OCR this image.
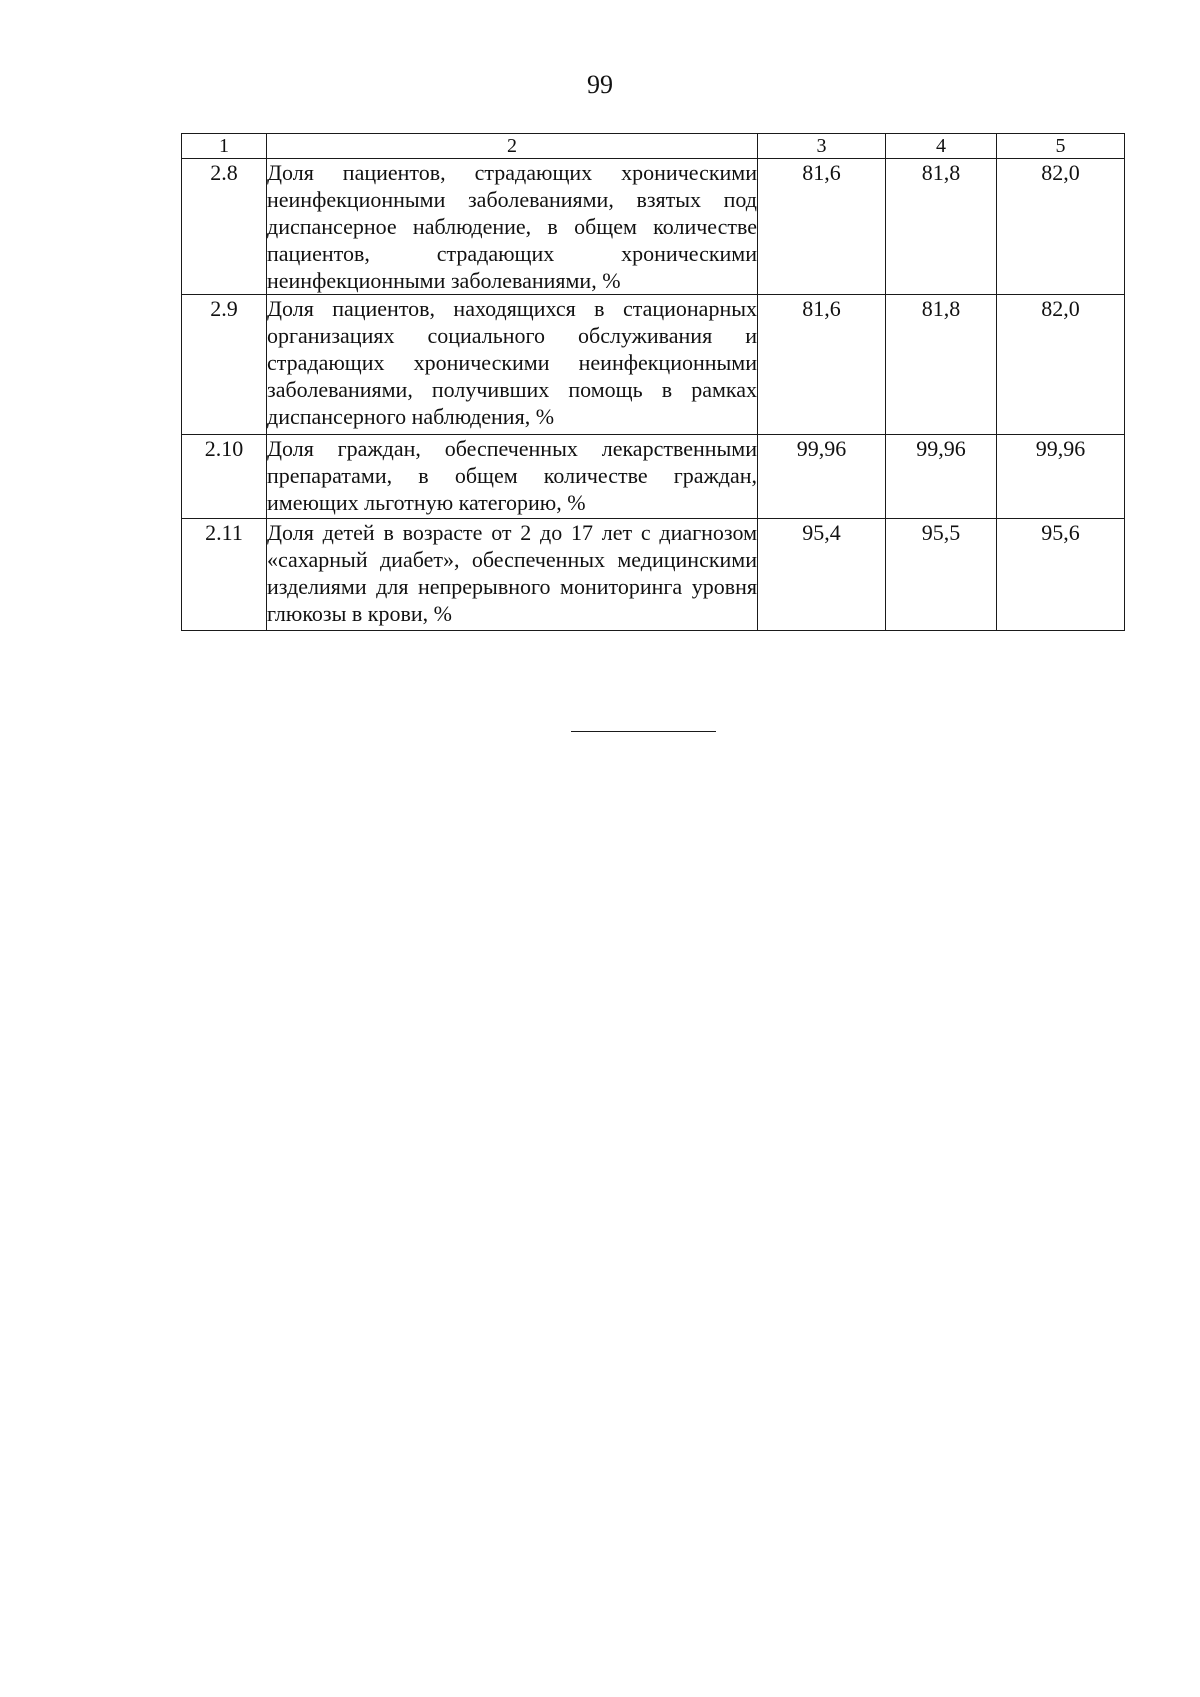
99
1	2	3	4	5
2.8	Доля пациентов, страдающих хроническими неинфекционными заболеваниями, взятых под диспансерное наблюдение, в общем количестве пациентов, страдающих хроническими неинфекционными заболеваниями, %	81,6	81,8	82,0
2.9	Доля пациентов, находящихся в стационарных организациях социального обслуживания и страдающих хроническими неинфекционными заболеваниями, получивших помощь в рамках диспансерного наблюдения, %	81,6	81,8	82,0
2.10	Доля граждан, обеспеченных лекарственными препаратами, в общем количестве граждан, имеющих льготную категорию, %	99,96	99,96	99,96
2.11	Доля детей в возрасте от 2 до 17 лет с диагнозом «сахарный диабет», обеспеченных медицинскими изделиями для непрерывного мониторинга уровня глюкозы в крови, %	95,4	95,5	95,6
